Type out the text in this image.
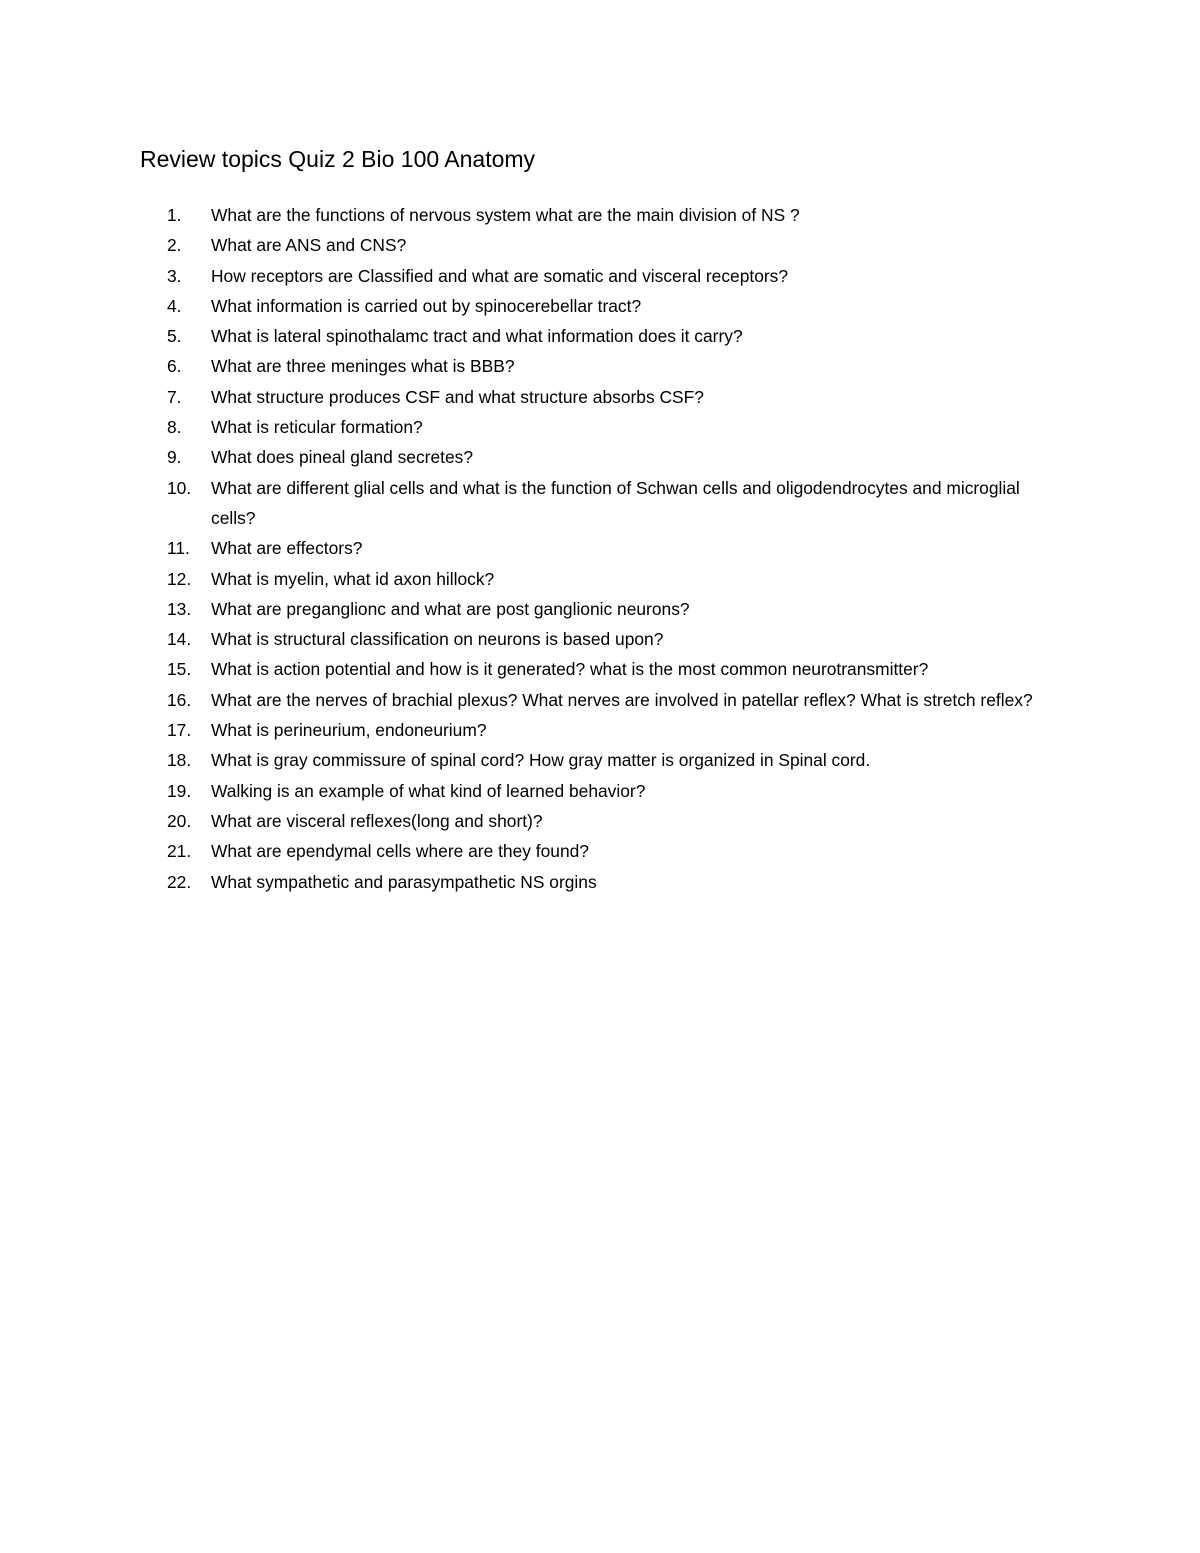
Review topics Quiz 2 Bio 100 Anatomy
1.	What are the functions of nervous system what are the main division of NS ?
2.	What are ANS and CNS?
3.	How receptors are Classified and what are somatic and visceral receptors?
4.	What information is carried out by spinocerebellar tract?
5.	What is lateral spinothalamc tract and what information does it carry?
6.	What are three meninges what is BBB?
7.	What structure produces CSF and what structure absorbs CSF?
8.	What is reticular formation?
9.	What does pineal gland secretes?
10.	What are different glial cells and what is the function of Schwan cells and oligodendrocytes and microglial cells?
11.	What are effectors?
12.	What is myelin, what id axon hillock?
13.	What are preganglionc and what are post ganglionic neurons?
14.	What is structural classification on neurons is based upon?
15.	What is action potential and how is it generated? what is the most common neurotransmitter?
16.	What are the nerves of brachial plexus? What nerves are involved in patellar reflex? What is stretch reflex?
17.	What is perineurium, endoneurium?
18.	What is gray commissure of spinal cord? How gray matter is organized in Spinal cord.
19.	Walking is an example of what kind of learned behavior?
20.	What are visceral reflexes(long and short)?
21.	What are ependymal cells where are they found?
22.	What sympathetic and parasympathetic NS orgins
